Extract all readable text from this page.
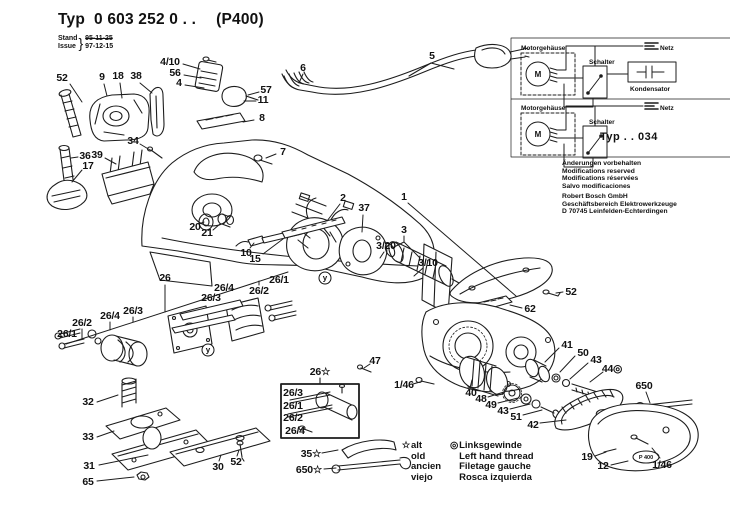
Motorgehäuse
M
Schalter
Netz
Kondensator
Motorgehäuse
M
Schalter
Netz
Typ . . 034
P 400
Typ 0 603 252 0 . . (P400)
Stand
Issue } 95-11-25
97-12-15
Änderungen vorbehalten
Modifications reserved
Modifications réservées
Salvo modificaciones
Robert Bosch GmbH
Geschäftsbereich Elektrowerkzeuge
D 70745 Leinfelden-Echterdingen
☆ alt
old
ancien
viejo
◎ Linksgewinde
Left hand thread
Filetage gauche
Rosca izquierda
52	9 18 38
4/10
56
4
6
5
57
11
8
7
34
36 39
17
2
37
1
20 21
10
15
3
3/20
3/10
26	26/1
26/2
26/4
26/3
26/3
26/4
26/2
26/1
32
33
31
65
30 52
47
1/46
26☆
26/3
26/1
26/2
26/4
35☆
650☆
62
52
41
50
43
44◎
40
48
49 43 51
42
650
19
12	1/46
y
y
